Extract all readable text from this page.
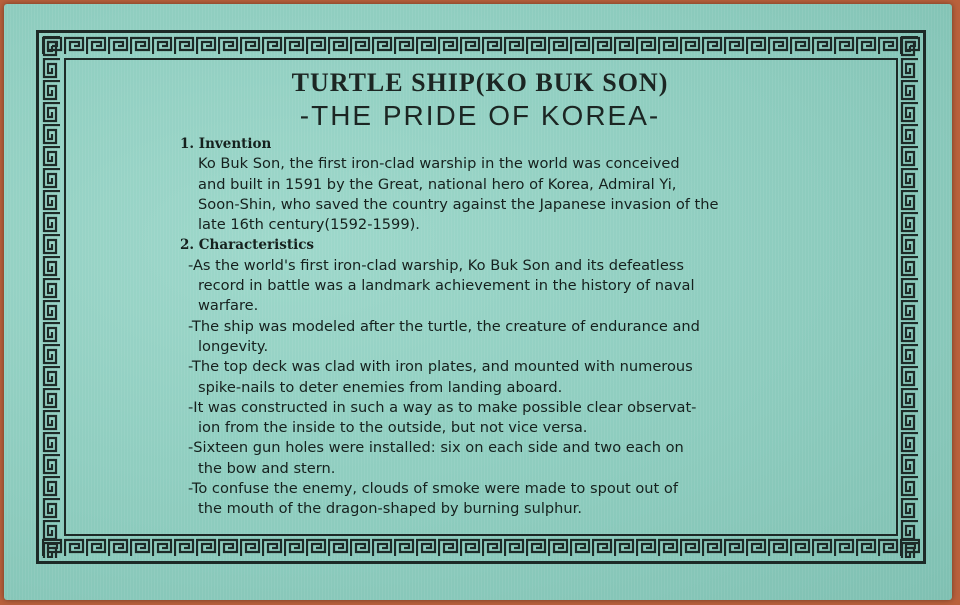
TURTLE SHIP(KO BUK SON)
-THE PRIDE OF KOREA-
1. Invention
Ko Buk Son, the first iron-clad warship in the world was conceived
and built in 1591 by the Great, national hero of Korea, Admiral Yi,
Soon-Shin, who saved the country against the Japanese invasion of the
late 16th century(1592-1599).
2. Characteristics
-As the world's first iron-clad warship, Ko Buk Son and its defeatless
record in battle was a landmark achievement in the history of naval
warfare.
-The ship was modeled after the turtle, the creature of endurance and
longevity.
-The top deck was clad with iron plates, and mounted with numerous
spike-nails to deter enemies from landing aboard.
-It was constructed in such a way as to make possible clear observat-
ion from the inside to the outside, but not vice versa.
-Sixteen gun holes were installed: six on each side and two each on
the bow and stern.
-To confuse the enemy, clouds of smoke were made to spout out of
the mouth of the dragon-shaped by burning sulphur.
